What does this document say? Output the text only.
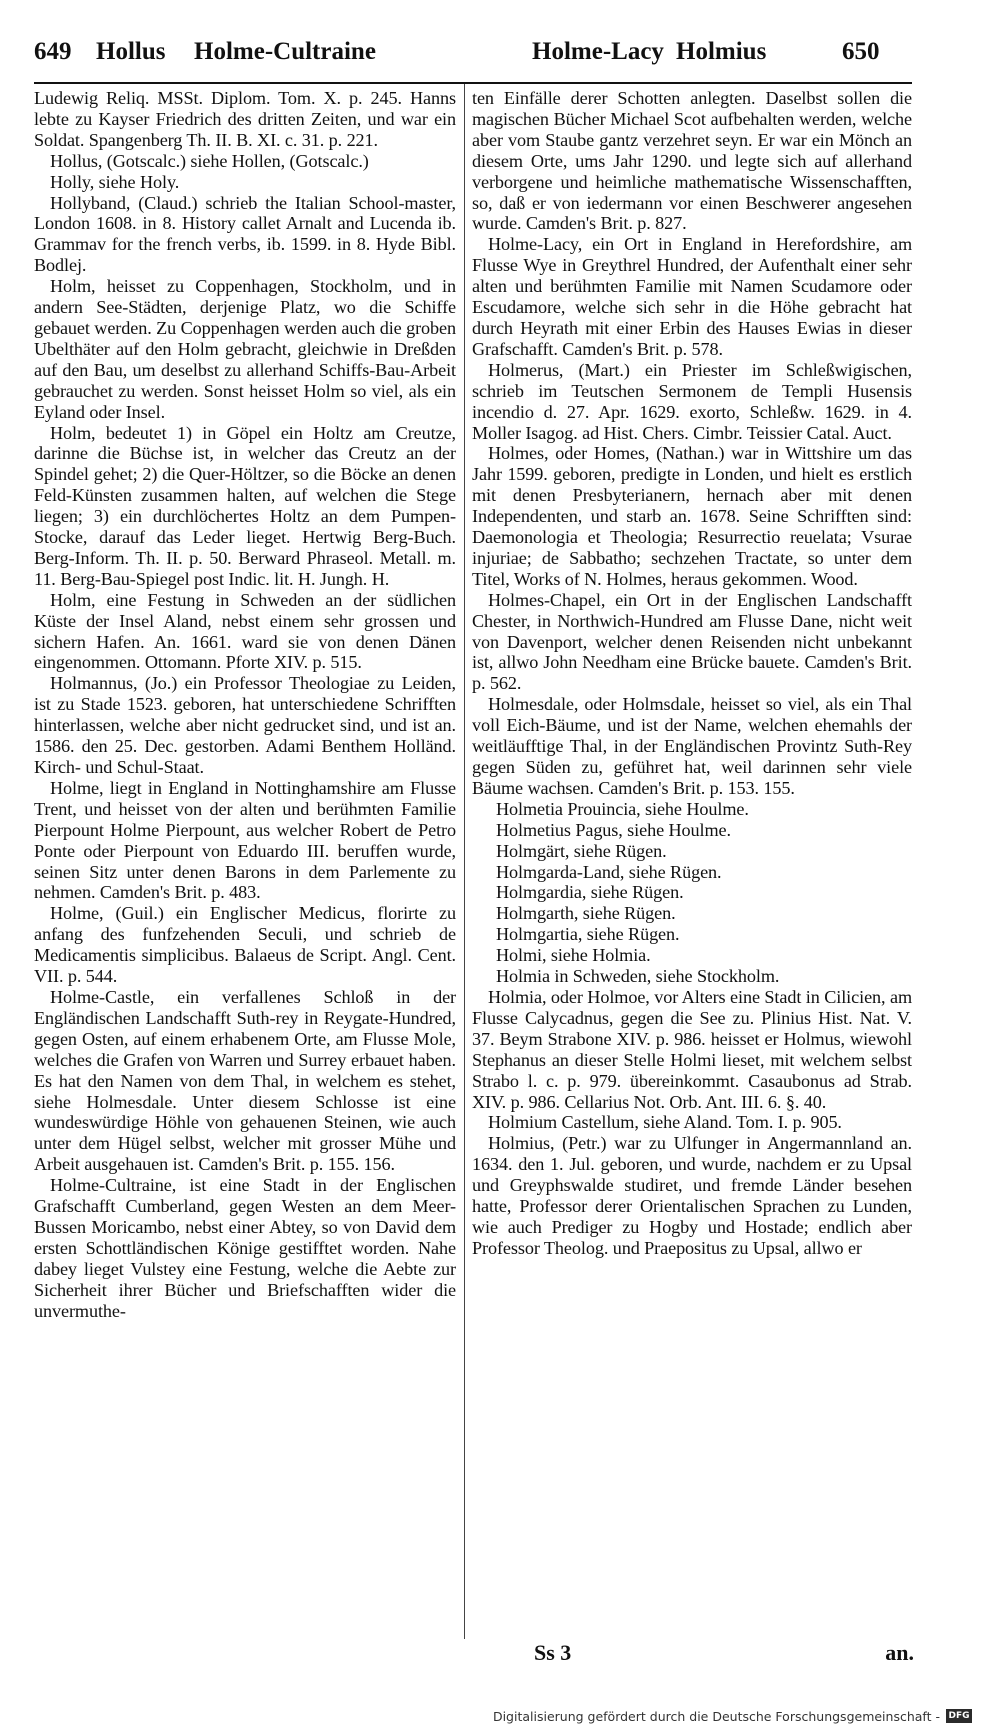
649 Hollus Holme-Cultraine	Holme-Lacy Holmius	650

Ludewig Reliq. MSSt. Diplom. Tom. X. p. 245. Hanns lebte zu Kayser Friedrich des dritten Zeiten, und war ein Soldat. Spangenberg Th. II. B. XI. c. 31. p. 221.

Hollus, (Gotscalc.) siehe Hollen, (Gotscalc.)

Holly, siehe Holy.

Hollyband, (Claud.) schrieb the Italian School-master, London 1608. in 8. History callet Arnalt and Lucenda ib. Grammav for the french verbs, ib. 1599. in 8. Hyde Bibl. Bodlej.

Holm, heisset zu Coppenhagen, Stockholm, und in andern See-Städten, derjenige Platz, wo die Schiffe gebauet werden. Zu Coppenhagen werden auch die groben Ubelthäter auf den Holm gebracht, gleichwie in Dreßden auf den Bau, um deselbst zu allerhand Schiffs-Bau-Arbeit gebrauchet zu werden. Sonst heisset Holm so viel, als ein Eyland oder Insel.

Holm, bedeutet 1) in Göpel ein Holtz am Creutze, darinne die Büchse ist, in welcher das Creutz an der Spindel gehet; 2) die Quer-Höltzer, so die Böcke an denen Feld-Künsten zusammen halten, auf welchen die Stege liegen; 3) ein durchlöchertes Holtz an dem Pumpen-Stocke, darauf das Leder lieget. Hertwig Berg-Buch. Berg-Inform. Th. II. p. 50. Berward Phraseol. Metall. m. 11. Berg-Bau-Spiegel post Indic. lit. H. Jungh. H.

Holm, eine Festung in Schweden an der südlichen Küste der Insel Aland, nebst einem sehr grossen und sichern Hafen. An. 1661. ward sie von denen Dänen eingenommen. Ottomann. Pforte XIV. p. 515.

Holmannus, (Jo.) ein Professor Theologiae zu Leiden, ist zu Stade 1523. geboren, hat unterschiedene Schrifften hinterlassen, welche aber nicht gedrucket sind, und ist an. 1586. den 25. Dec. gestorben. Adami Benthem Holländ. Kirch- und Schul-Staat.

Holme, liegt in England in Nottinghamshire am Flusse Trent, und heisset von der alten und berühmten Familie Pierpount Holme Pierpount, aus welcher Robert de Petro Ponte oder Pierpount von Eduardo III. beruffen wurde, seinen Sitz unter denen Barons in dem Parlemente zu nehmen. Camden's Brit. p. 483.

Holme, (Guil.) ein Englischer Medicus, florirte zu anfang des funfzehenden Seculi, und schrieb de Medicamentis simplicibus. Balaeus de Script. Angl. Cent. VII. p. 544.

Holme-Castle, ein verfallenes Schloß in der Engländischen Landschafft Suth-rey in Reygate-Hundred, gegen Osten, auf einem erhabenem Orte, am Flusse Mole, welches die Grafen von Warren und Surrey erbauet haben. Es hat den Namen von dem Thal, in welchem es stehet, siehe Holmesdale. Unter diesem Schlosse ist eine wundeswürdige Höhle von gehauenen Steinen, wie auch unter dem Hügel selbst, welcher mit grosser Mühe und Arbeit ausgehauen ist. Camden's Brit. p. 155. 156.

Holme-Cultraine, ist eine Stadt in der Englischen Grafschafft Cumberland, gegen Westen an dem Meer-Bussen Moricambo, nebst einer Abtey, so von David dem ersten Schottländischen Könige gestifftet worden. Nahe dabey lieget Vulstey eine Festung, welche die Aebte zur Sicherheit ihrer Bücher und Briefschafften wider die unvermuthe-

ten Einfälle derer Schotten anlegten. Daselbst sollen die magischen Bücher Michael Scot aufbehalten werden, welche aber vom Staube gantz verzehret seyn. Er war ein Mönch an diesem Orte, ums Jahr 1290. und legte sich auf allerhand verborgene und heimliche mathematische Wissenschafften, so, daß er von iedermann vor einen Beschwerer angesehen wurde. Camden's Brit. p. 827.

Holme-Lacy, ein Ort in England in Herefordshire, am Flusse Wye in Greythrel Hundred, der Aufenthalt einer sehr alten und berühmten Familie mit Namen Scudamore oder Escudamore, welche sich sehr in die Höhe gebracht hat durch Heyrath mit einer Erbin des Hauses Ewias in dieser Grafschafft. Camden's Brit. p. 578.

Holmerus, (Mart.) ein Priester im Schleßwigischen, schrieb im Teutschen Sermonem de Templi Husensis incendio d. 27. Apr. 1629. exorto, Schleßw. 1629. in 4. Moller Isagog. ad Hist. Chers. Cimbr. Teissier Catal. Auct.

Holmes, oder Homes, (Nathan.) war in Wittshire um das Jahr 1599. geboren, predigte in Londen, und hielt es erstlich mit denen Presbyterianern, hernach aber mit denen Independenten, und starb an. 1678. Seine Schrifften sind: Daemonologia et Theologia; Resurrectio reuelata; Vsurae injuriae; de Sabbatho; sechzehen Tractate, so unter dem Titel, Works of N. Holmes, heraus gekommen. Wood.

Holmes-Chapel, ein Ort in der Englischen Landschafft Chester, in Northwich-Hundred am Flusse Dane, nicht weit von Davenport, welcher denen Reisenden nicht unbekannt ist, allwo John Needham eine Brücke bauete. Camden's Brit. p. 562.

Holmesdale, oder Holmsdale, heisset so viel, als ein Thal voll Eich-Bäume, und ist der Name, welchen ehemahls der weitläufftige Thal, in der Engländischen Provintz Suth-Rey gegen Süden zu, geführet hat, weil darinnen sehr viele Bäume wachsen. Camden's Brit. p. 153. 155.

Holmetia Prouincia, siehe Houlme.

Holmetius Pagus, siehe Houlme.

Holmgärt, siehe Rügen.

Holmgarda-Land, siehe Rügen.

Holmgardia, siehe Rügen.

Holmgarth, siehe Rügen.

Holmgartia, siehe Rügen.

Holmi, siehe Holmia.

Holmia in Schweden, siehe Stockholm.

Holmia, oder Holmoe, vor Alters eine Stadt in Cilicien, am Flusse Calycadnus, gegen die See zu. Plinius Hist. Nat. V. 37. Beym Strabone XIV. p. 986. heisset er Holmus, wiewohl Stephanus an dieser Stelle Holmi lieset, mit welchem selbst Strabo l. c. p. 979. übereinkommt. Casaubonus ad Strab. XIV. p. 986. Cellarius Not. Orb. Ant. III. 6. §. 40.

Holmium Castellum, siehe Aland. Tom. I. p. 905.

Holmius, (Petr.) war zu Ulfunger in Angermannland an. 1634. den 1. Jul. geboren, und wurde, nachdem er zu Upsal und Greyphswalde studiret, und fremde Länder besehen hatte, Professor derer Orientalischen Sprachen zu Lunden, wie auch Prediger zu Hogby und Hostade; endlich aber Professor Theolog. und Praepositus zu Upsal, allwo er

Ss 3	an.
Digitalisierung gefördert durch die Deutsche Forschungsgemeinschaft - DFG
